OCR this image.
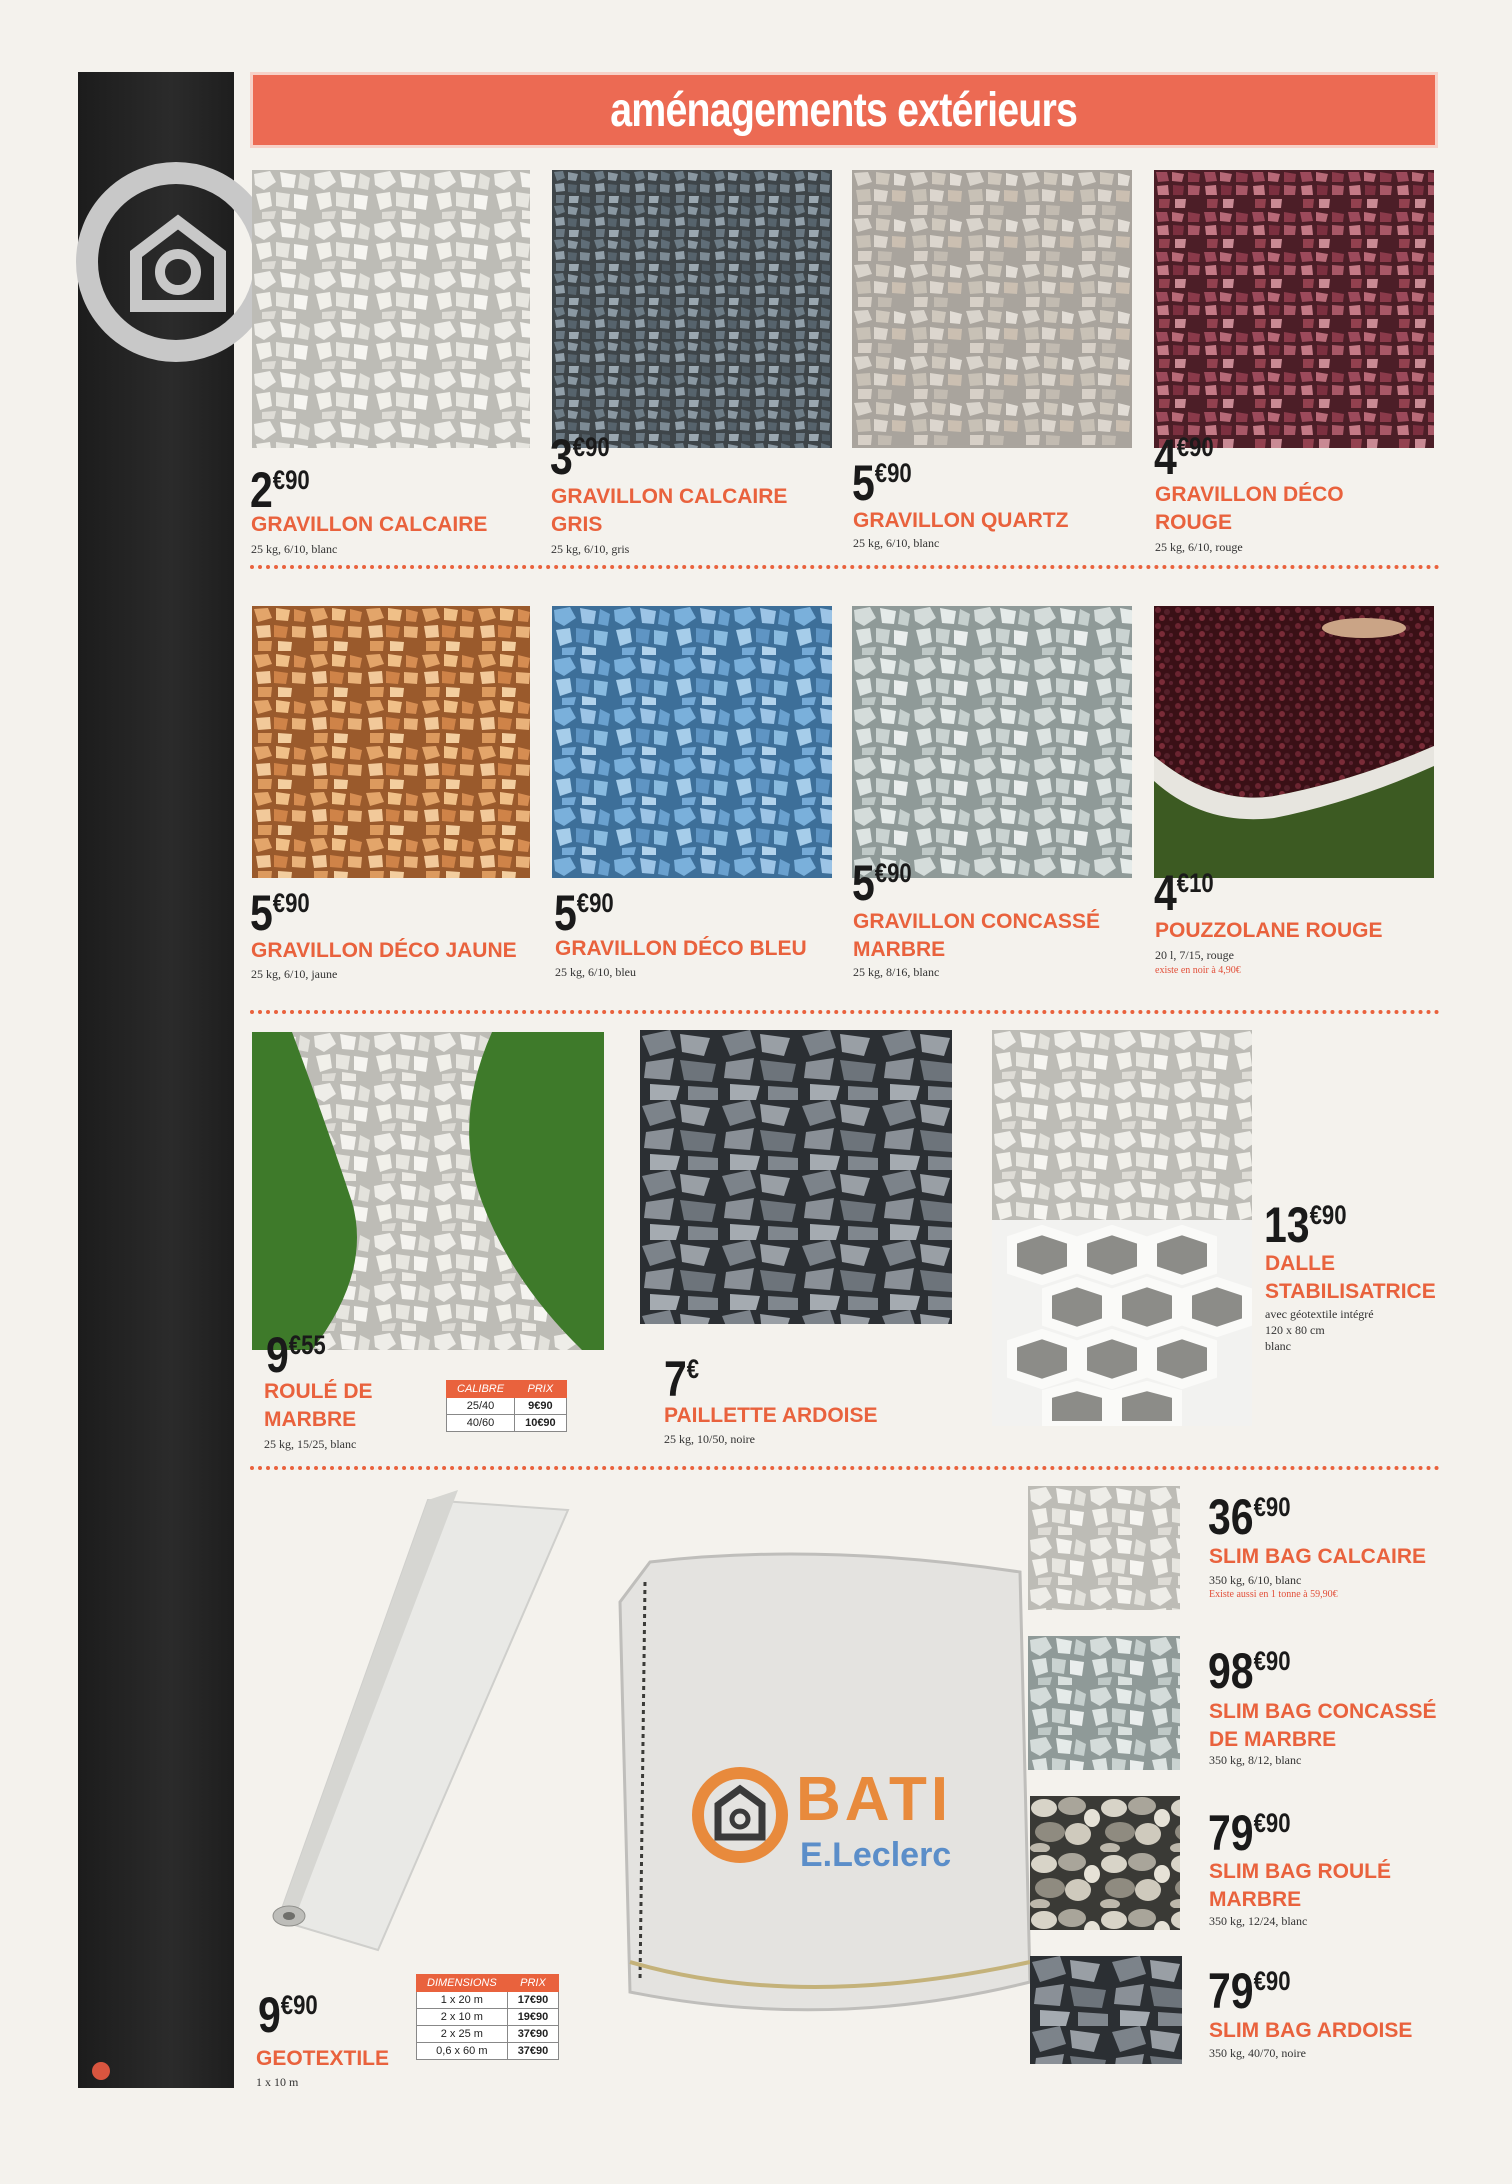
aménagements extérieurs
2€90
GRAVILLON CALCAIRE
25 kg, 6/10, blanc
3€90
GRAVILLON CALCAIRE GRIS
25 kg, 6/10, gris
5€90
GRAVILLON QUARTZ
25 kg, 6/10, blanc
4€90
GRAVILLON DÉCO ROUGE
25 kg, 6/10, rouge
5€90
GRAVILLON DÉCO JAUNE
25 kg, 6/10, jaune
5€90
GRAVILLON DÉCO BLEU
25 kg, 6/10, bleu
5€90
GRAVILLON CONCASSÉ MARBRE
25 kg, 8/16, blanc
4€10
POUZZOLANE ROUGE
20 l, 7/15, rouge
existe en noir à 4,90€
9€55
ROULÉ DE MARBRE
25 kg, 15/25, blanc
CALIBRE	PRIX
25/40	9€90
40/60	10€90
7€
PAILLETTE ARDOISE
25 kg, 10/50, noire
13€90
DALLE STABILISATRICE
avec géotextile intégré
120 x 80 cm
blanc
BATI
E.Leclerc
9€90
GEOTEXTILE
1 x 10 m
DIMENSIONS	PRIX
1 x 20 m	17€90
2 x 10 m	19€90
2 x 25 m	37€90
0,6 x 60 m	37€90
36€90
SLIM BAG CALCAIRE
350 kg, 6/10, blanc
Existe aussi en 1 tonne à 59,90€
98€90
SLIM BAG CONCASSÉ DE MARBRE
350 kg, 8/12, blanc
79€90
SLIM BAG ROULÉ MARBRE
350 kg, 12/24, blanc
79€90
SLIM BAG ARDOISE
350 kg, 40/70, noire
